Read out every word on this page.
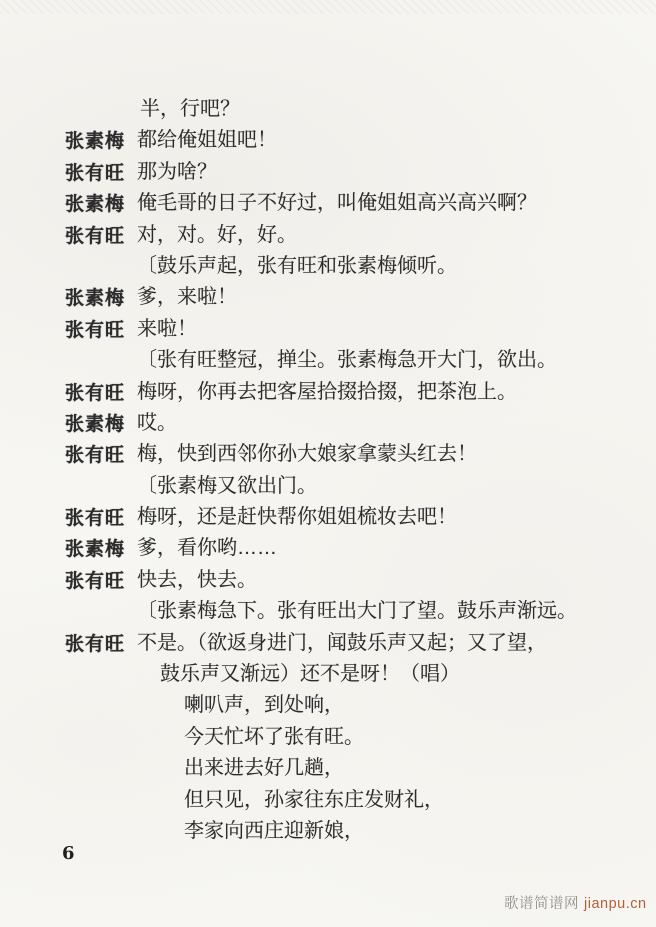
半，行吧？
张素梅 都给俺姐姐吧！
张有旺 那为啥？
张素梅 俺毛哥的日子不好过，叫俺姐姐高兴高兴啊？
张有旺 对，对。好，好。
〔鼓乐声起，张有旺和张素梅倾听。
张素梅 爹，来啦！
张有旺 来啦！
〔张有旺整冠，掸尘。张素梅急开大门，欲出。
张有旺 梅呀，你再去把客屋拾掇拾掇，把茶泡上。
张素梅 哎。
张有旺 梅，快到西邻你孙大娘家拿蒙头红去！
〔张素梅又欲出门。
张有旺 梅呀，还是赶快帮你姐姐梳妆去吧！
张素梅 爹，看你哟……
张有旺 快去，快去。
〔张素梅急下。张有旺出大门了望。鼓乐声渐远。
张有旺 不是。（欲返身进门，闻鼓乐声又起；又了望，
鼓乐声又渐远）还不是呀！（唱）
喇叭声，到处响，
今天忙坏了张有旺。
出来进去好几趟，
但只见，孙家往东庄发财礼，
李家向西庄迎新娘，
6
歌谱简谱网 jianpu.cn
